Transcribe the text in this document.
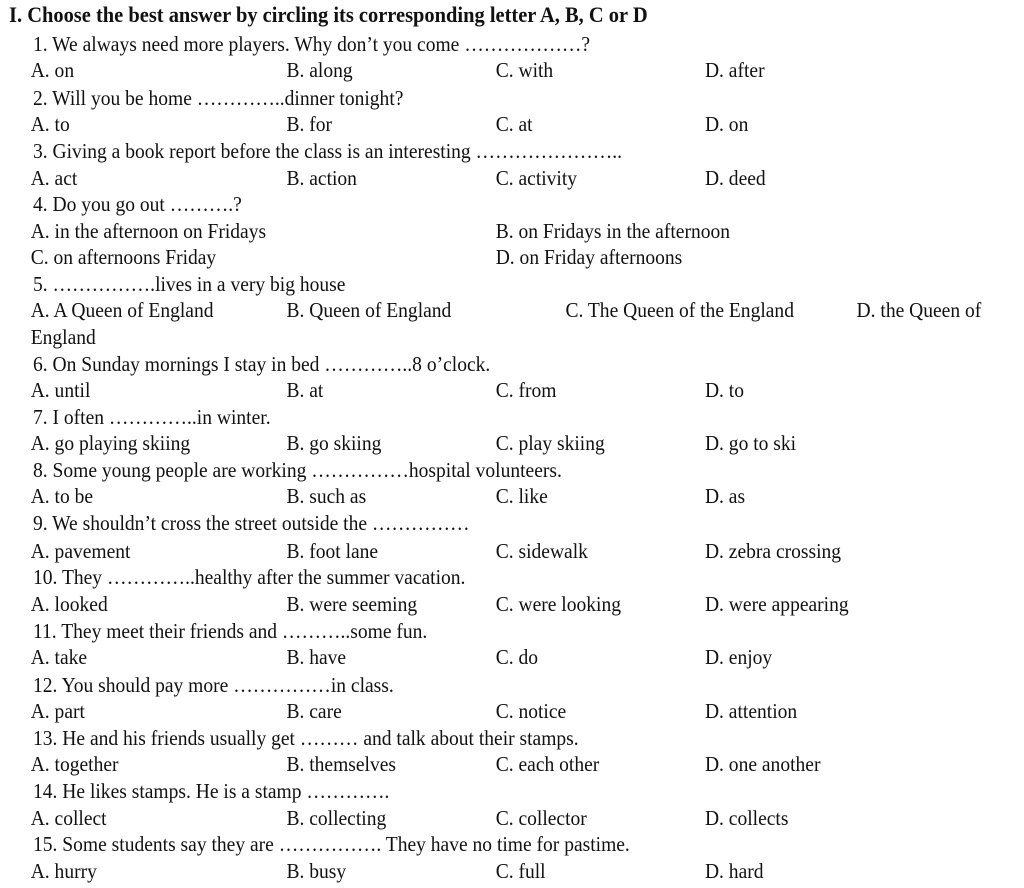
I. Choose the best answer by circling its corresponding letter A, B, C or D
1. We always need more players. Why don’t you come ………………?
A. on	B. along	C. with	D. after
2. Will you be home …………..dinner tonight?
A. to	B. for	C. at	D. on
3. Giving a book report before the class is an interesting …………………..
A. act	B. action	C. activity	D. deed
4. Do you go out ……….?
A. in the afternoon on Fridays	B. on Fridays in the afternoon
C. on afternoons Friday	D. on Friday afternoons
5. …………….lives in a very big house
A. A Queen of England	B. Queen of England	C. The Queen of the England	D. the Queen of
England
6. On Sunday mornings I stay in bed …………..8 o’clock.
A. until	B. at	C. from	D. to
7. I often …………..in winter.
A. go playing skiing	B. go skiing	C. play skiing	D. go to ski
8. Some young people are working ……………hospital volunteers.
A. to be	B. such as	C. like	D. as
9. We shouldn’t cross the street outside the ……………
A. pavement	B. foot lane	C. sidewalk	D. zebra crossing
10. They …………..healthy after the summer vacation.
A. looked	B. were seeming	C. were looking	D. were appearing
11. They meet their friends and ………..some fun.
A. take	B. have	C. do	D. enjoy
12. You should pay more ……………in class.
A. part	B. care	C. notice	D. attention
13. He and his friends usually get ……… and talk about their stamps.
A. together	B. themselves	C. each other	D. one another
14. He likes stamps. He is a stamp ………….
A. collect	B. collecting	C. collector	D. collects
15. Some students say they are ……………. They have no time for pastime.
A. hurry	B. busy	C. full	D. hard
